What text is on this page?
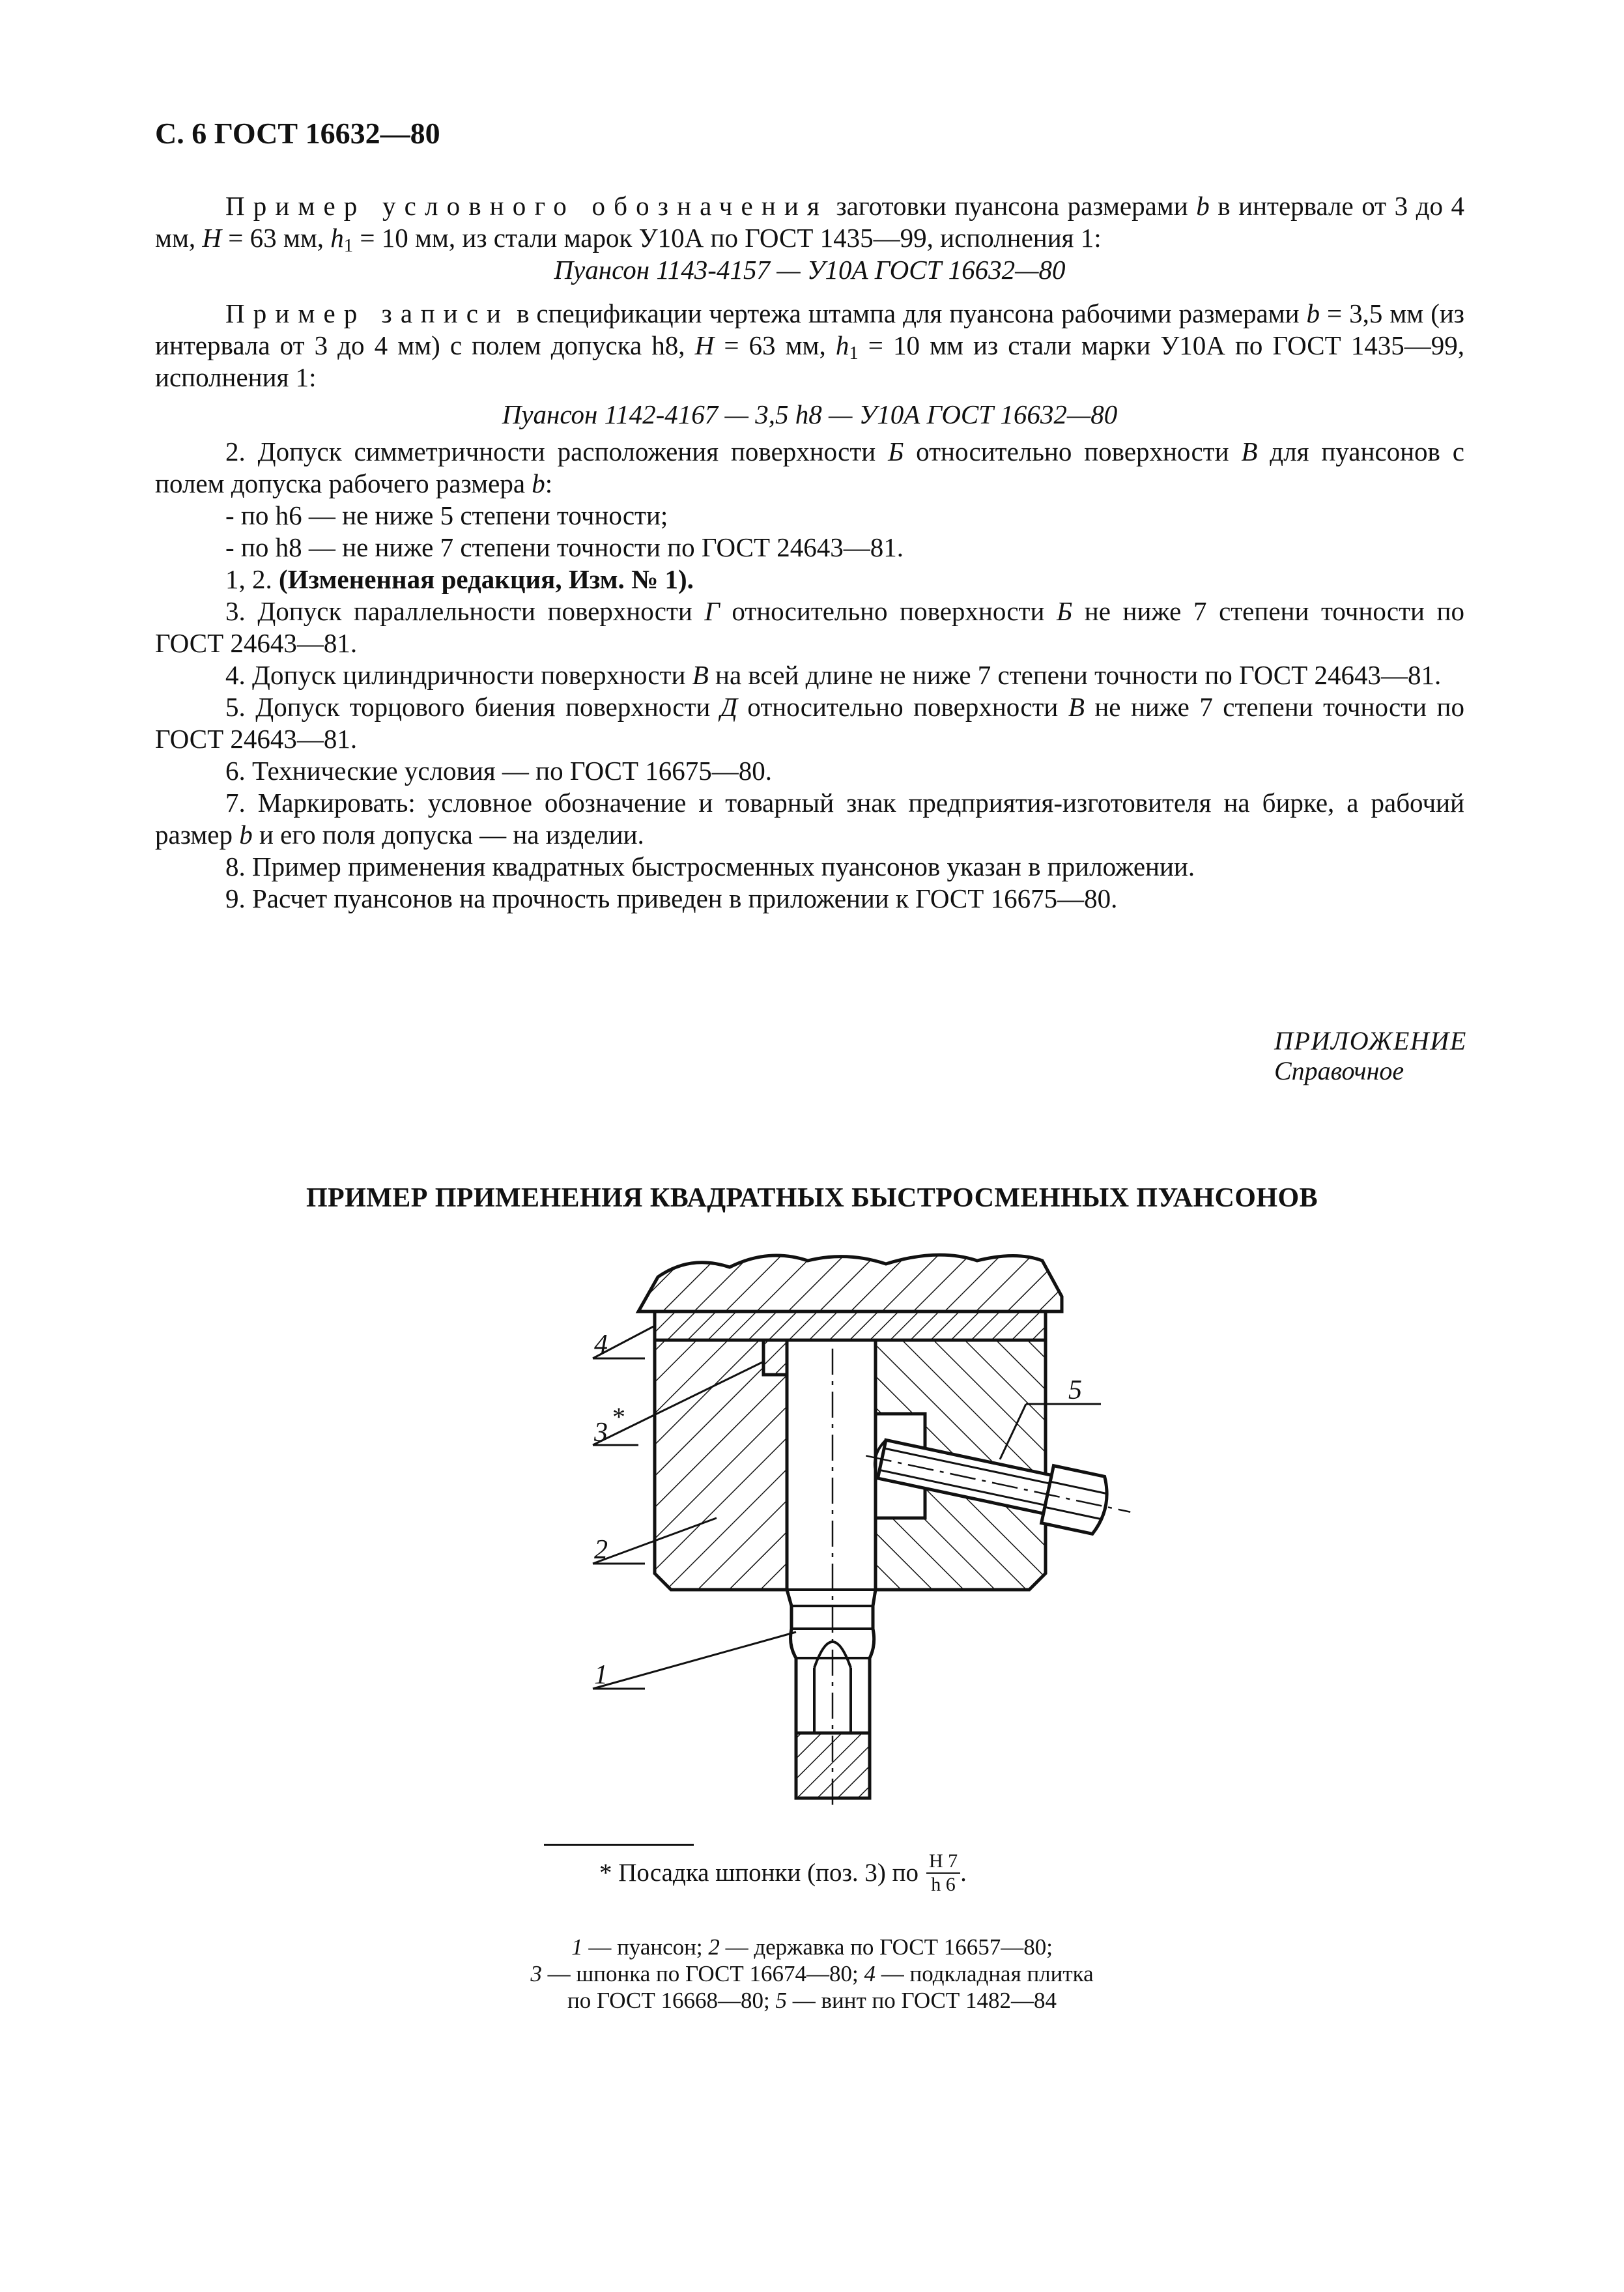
С. 6 ГОСТ 16632—80

Пример условного обозначения заготовки пуансона размерами b в интервале от 3 до 4 мм, H = 63 мм, $h_1 = 10$ мм, из стали марок У10А по ГОСТ 1435—99, исполнения 1:

Пуансон 1143-4157 — У10А ГОСТ 16632—80

Пример записи в спецификации чертежа штампа для пуансона рабочими размерами b = 3,5 мм (из интервала от 3 до 4 мм) с полем допуска h8, H = 63 мм, $h_1 = 10$ мм из стали марки У10А по ГОСТ 1435—99, исполнения 1:

Пуансон 1142-4167 — 3,5 h8 — У10А ГОСТ 16632—80

2. Допуск симметричности расположения поверхности Б относительно поверхности В для пуансонов с полем допуска рабочего размера b:

- по h6 — не ниже 5 степени точности;

- по h8 — не ниже 7 степени точности по ГОСТ 24643—81.

1, 2. (Измененная редакция, Изм. № 1).

3. Допуск параллельности поверхности Г относительно поверхности Б не ниже 7 степени точности по ГОСТ 24643—81.

4. Допуск цилиндричности поверхности В на всей длине не ниже 7 степени точности по ГОСТ 24643—81.

5. Допуск торцового биения поверхности Д относительно поверхности В не ниже 7 степени точности по ГОСТ 24643—81.

6. Технические условия — по ГОСТ 16675—80.

7. Маркировать: условное обозначение и товарный знак предприятия-изготовителя на бирке, а рабочий размер b и его поля допуска — на изделии.

8. Пример применения квадратных быстросменных пуансонов указан в приложении.

9. Расчет пуансонов на прочность приведен в приложении к ГОСТ 16675—80.

ПРИЛОЖЕНИЕ
Справочное
ПРИМЕР ПРИМЕНЕНИЯ КВАДРАТНЫХ БЫСТРОСМЕННЫХ ПУАНСОНОВ
4
3
*
2
1
5
* Посадка шпонки (поз. 3) по $\frac{H 7}{h 6}$ .
1 — пуансон; 2 — державка по ГОСТ 16657—80;
3 — шпонка по ГОСТ 16674—80; 4 — подкладная плитка
по ГОСТ 16668—80; 5 — винт по ГОСТ 1482—84
